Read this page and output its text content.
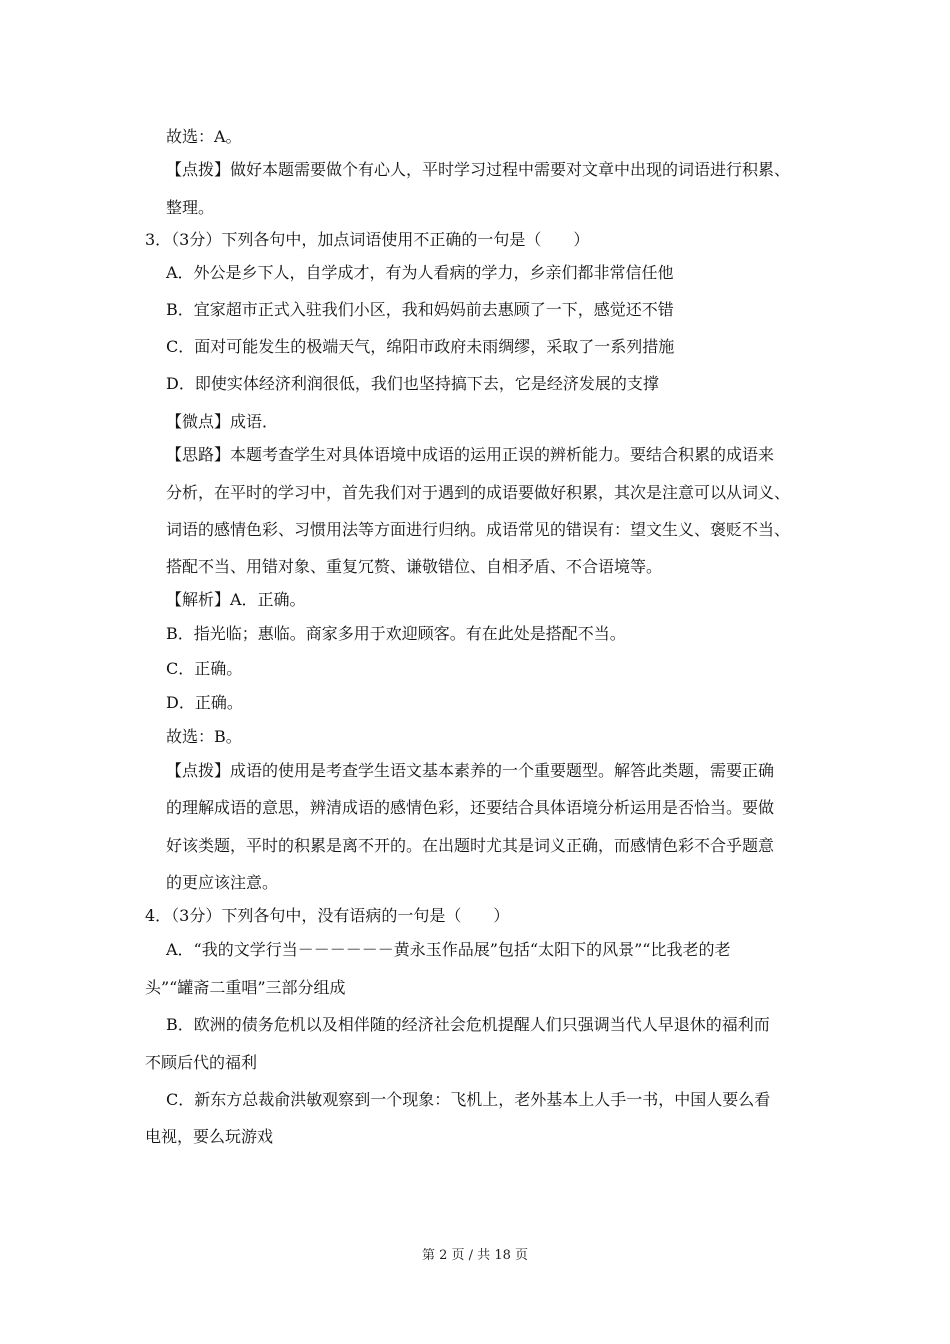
故选：A。
【点拨】做好本题需要做个有心人，平时学习过程中需要对文章中出现的词语进行积累、
整理。
3．（3分）下列各句中，加点词语使用不正确的一句是（　　）
A．外公是乡下人，自学成才，有为人看病的学力，乡亲们都非常信任他
B．宜家超市正式入驻我们小区，我和妈妈前去惠顾了一下，感觉还不错
C．面对可能发生的极端天气，绵阳市政府未雨绸缪，采取了一系列措施
D．即使实体经济利润很低，我们也坚持搞下去，它是经济发展的支撑
【微点】成语．
【思路】本题考查学生对具体语境中成语的运用正误的辨析能力。要结合积累的成语来
分析，在平时的学习中，首先我们对于遇到的成语要做好积累，其次是注意可以从词义、
词语的感情色彩、习惯用法等方面进行归纳。成语常见的错误有：望文生义、褒贬不当、
搭配不当、用错对象、重复冗赘、谦敬错位、自相矛盾、不合语境等。
【解析】A．正确。
B．指光临；惠临。商家多用于欢迎顾客。有在此处是搭配不当。
C．正确。
D．正确。
故选：B。
【点拨】成语的使用是考查学生语文基本素养的一个重要题型。解答此类题，需要正确
的理解成语的意思，辨清成语的感情色彩，还要结合具体语境分析运用是否恰当。要做
好该类题，平时的积累是离不开的。在出题时尤其是词义正确，而感情色彩不合乎题意
的更应该注意。
4．（3分）下列各句中，没有语病的一句是（　　）
A．“我的文学行当－－－－－－黄永玉作品展”包括“太阳下的风景”“比我老的老
头”“罐斋二重唱”三部分组成
B．欧洲的债务危机以及相伴随的经济社会危机提醒人们只强调当代人早退休的福利而
不顾后代的福利
C．新东方总裁俞洪敏观察到一个现象：飞机上，老外基本上人手一书，中国人要么看
电视，要么玩游戏
第 2 页 / 共 18 页
